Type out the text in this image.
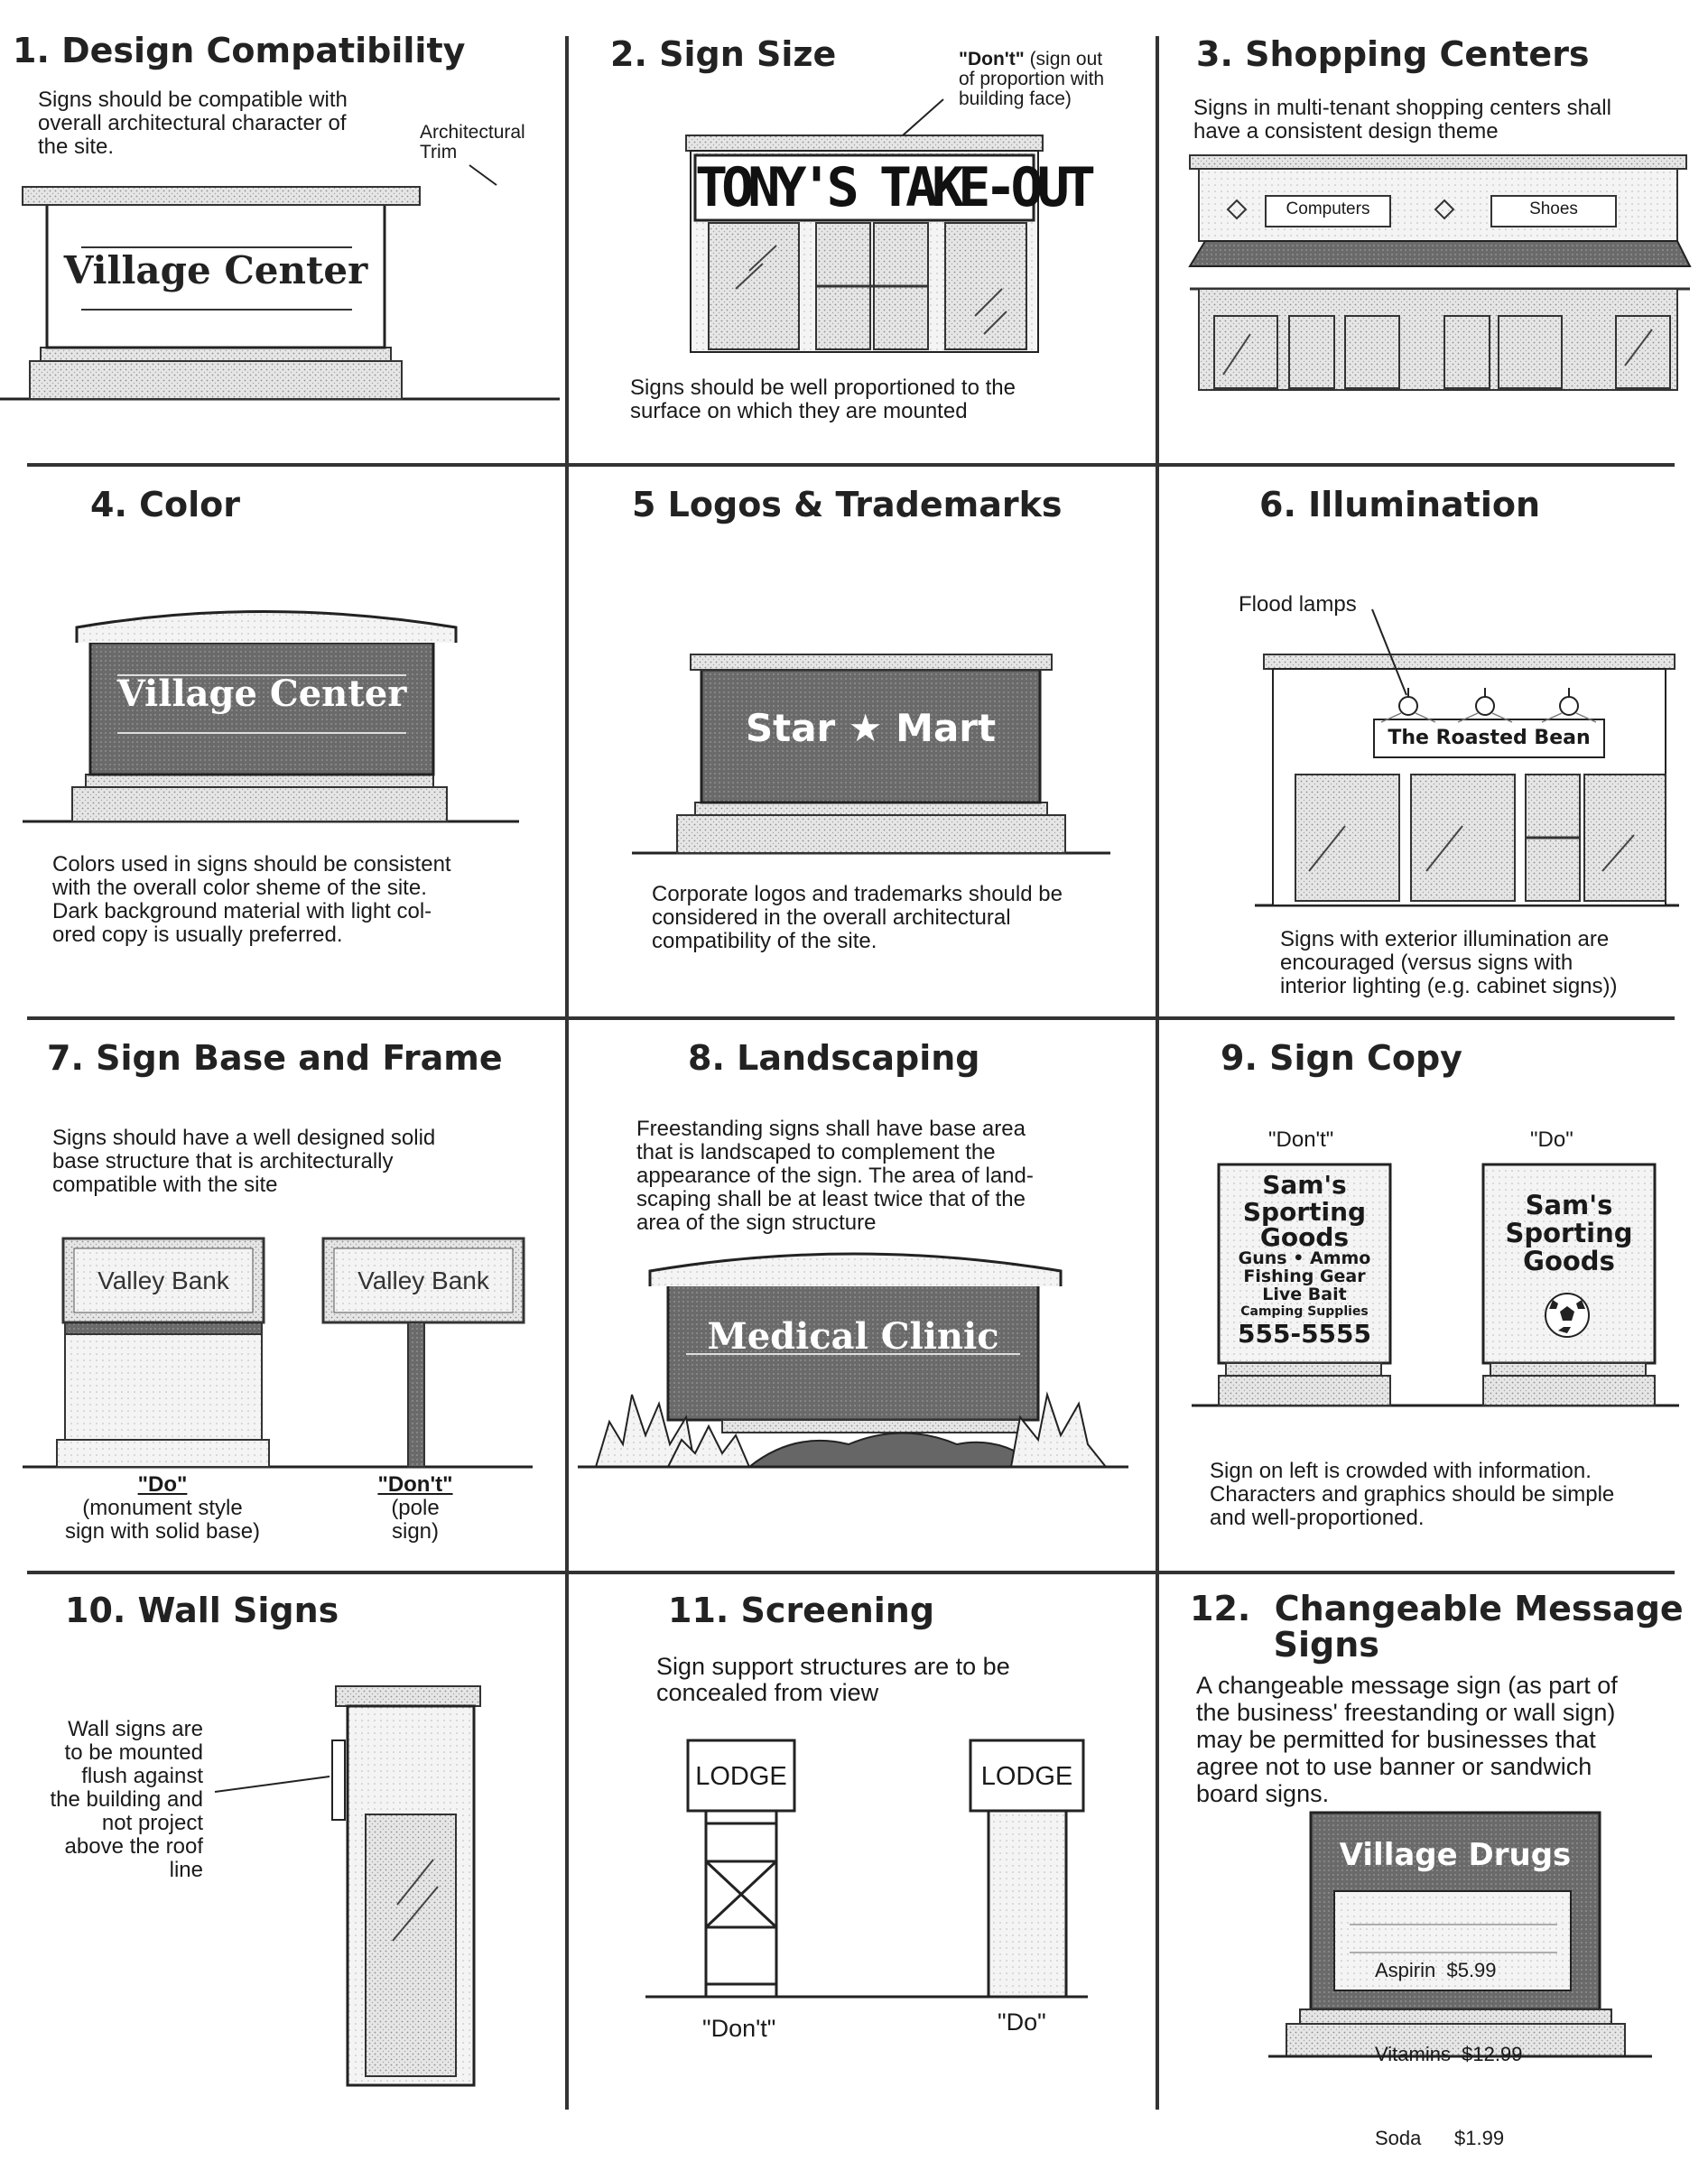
1. Design Compatibility
Signs should be compatible with
overall architectural character of
the site.
Architectural
Trim
Village Center
2. Sign Size	"Don't" (sign out
of proportion with
building face)
TONY'S TAKE-OUT
Signs should be well proportioned to the
surface on which they are mounted
3. Shopping Centers
Signs in multi-tenant shopping centers shall
have a consistent design theme
Computers	Shoes
4. Color
Village Center
Colors used in signs should be consistent
with the overall color sheme of the site.
Dark background material with light col-
ored copy is usually preferred.
5 Logos & Trademarks
Star ★ Mart
Corporate logos and trademarks should be
considered in the overall architectural
compatibility of the site.
6. Illumination
Flood lamps
The Roasted Bean
Signs with exterior illumination are
encouraged (versus signs with
interior lighting (e.g. cabinet signs))
7. Sign Base and Frame
Signs should have a well designed solid
base structure that is architecturally
compatible with the site
Valley Bank	Valley Bank
"Do"
(monument style
sign with solid base)
"Don't"
(pole
sign)
8. Landscaping
Freestanding signs shall have base area
that is landscaped to complement the
appearance of the sign. The area of land-
scaping shall be at least twice that of the
area of the sign structure
Medical Clinic
9. Sign Copy
"Don't"	"Do"
Sam's
Sporting
Goods
Guns • Ammo
Fishing Gear
Live Bait
Camping Supplies
555-5555
Sam's
Sporting
Goods
Sign on left is crowded with information.
Characters and graphics should be simple
and well-proportioned.
10. Wall Signs
Wall signs are
to be mounted
flush against
the building and
not project
above the roof
line
11. Screening
Sign support structures are to be
concealed from view
LODGE	LODGE
"Don't"	"Do"
12.  Changeable Message
Signs
A changeable message sign (as part of
the business' freestanding or wall sign)
may be permitted for businesses that
agree not to use banner or sandwich
board signs.
Village Drugs

Aspirin  $5.99

Vitamins  $12.99

Soda      $1.99
